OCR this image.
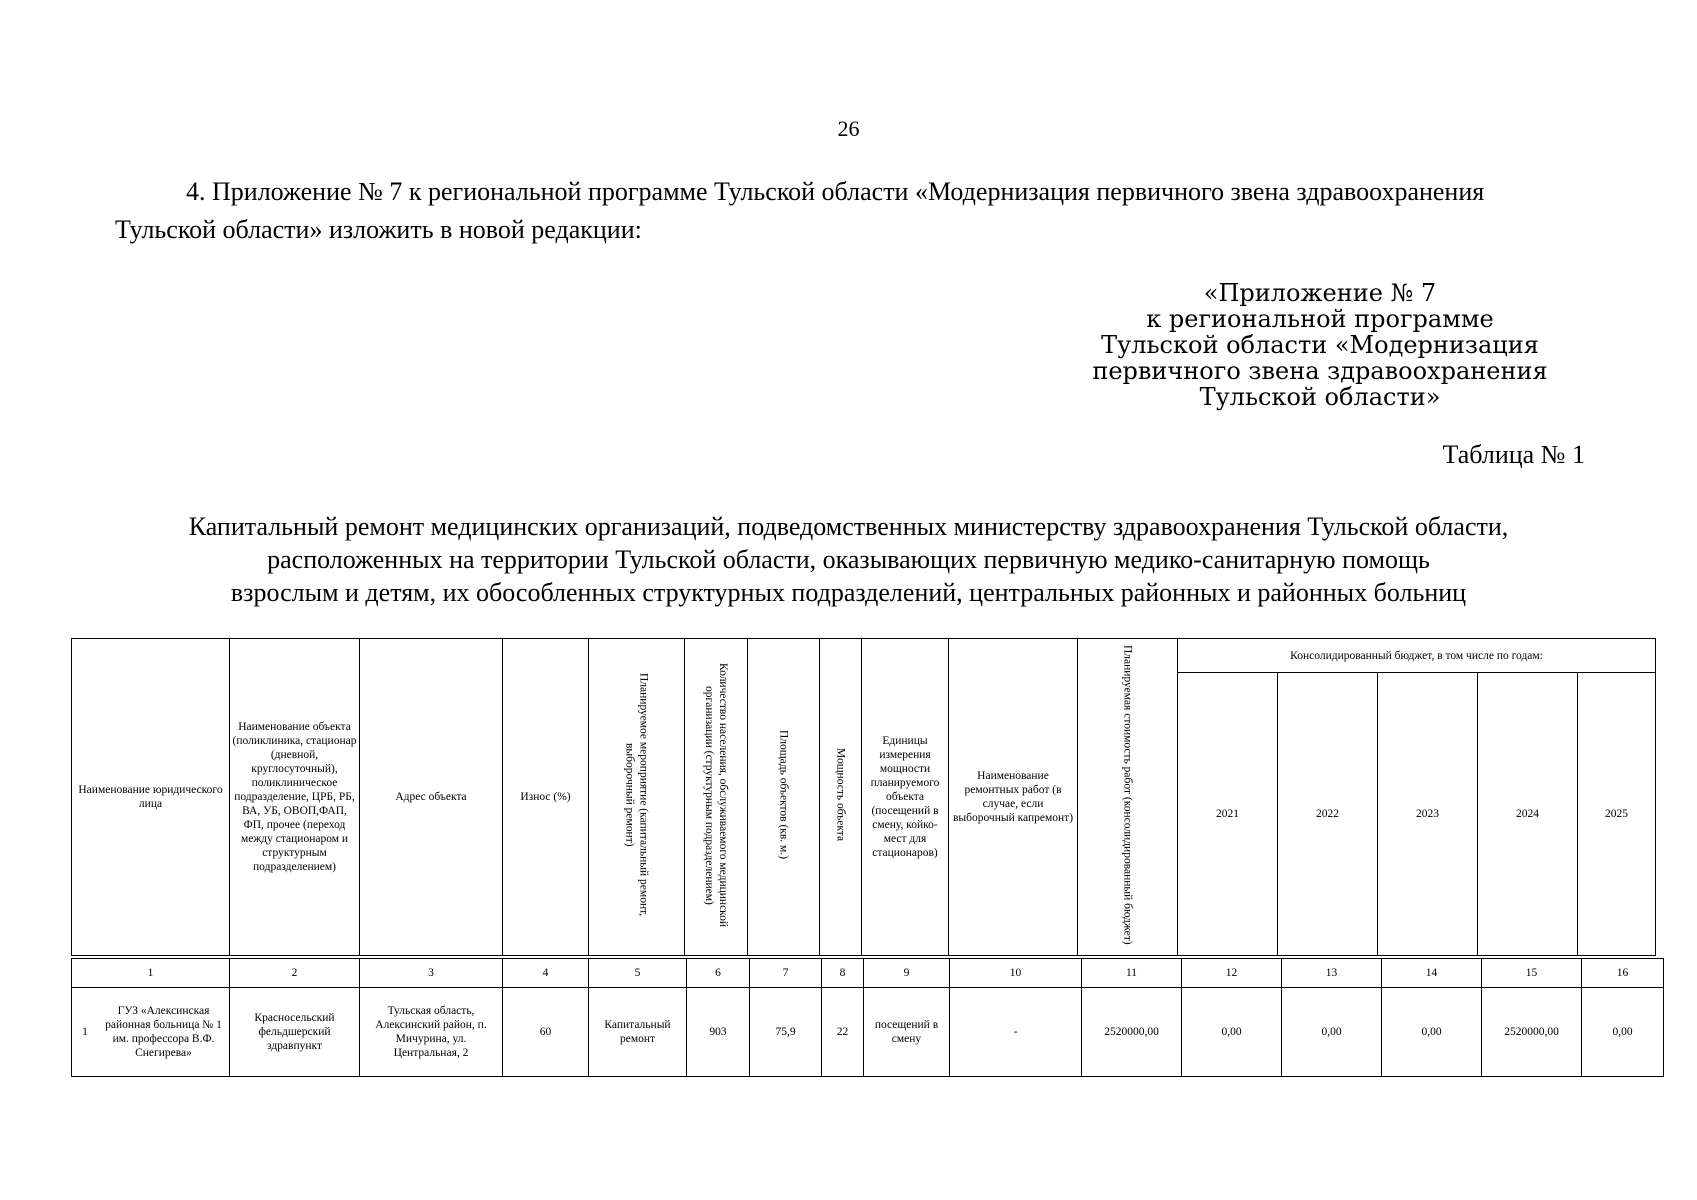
26
4. Приложение № 7 к региональной программе Тульской области «Модернизация первичного звена здравоохранения
Тульской области» изложить в новой редакции:
«Приложение № 7
к региональной программе
Тульской области «Модернизация
первичного звена здравоохранения
Тульской области»
Таблица № 1
Капитальный ремонт медицинских организаций, подведомственных министерству здравоохранения Тульской области,
расположенных на территории Тульской области, оказывающих первичную медико-санитарную помощь
взрослым и детям, их обособленных структурных подразделений, центральных районных и районных больниц
Наименование юридического лица	Наименование объекта (поликлиника, стационар (дневной, круглосуточный), поликлиническое подразделение, ЦРБ, РБ, ВА, УБ, ОВОП,ФАП, ФП, прочее (переход между стационаром и структурным подразделением)	Адрес объекта	Износ (%)	Планируемое мероприятие (капитальный ремонт, выборочный ремонт)	Количество населения, обслуживаемого медицинской организации (структурным подразделением)	Площадь объектов (кв. м.)	Мощность объекта	Единицы измерения мощности планируемого объекта (посещений в смену, койко-мест для стационаров)	Наименование ремонтных работ (в случае, если выборочный капремонт)	Планируемая стоимость работ (консолидированный бюджет)	Консолидированный бюджет, в том числе по годам:				
											2021	2022	2023	2024	2025
1	2	3	4	5	6	7	8	9	10	11	12	13	14	15	16

1
ГУЗ «Алексинская районная больница № 1 им. профессора В.Ф. Снегирева»	Красносельский фельдшерский здравпункт	Тульская область, Алексинский район, п. Мичурина, ул. Центральная, 2	60	Капитальный ремонт	903	75,9	22	посещений в смену	-	2520000,00	0,00	0,00	0,00	2520000,00	0,00
